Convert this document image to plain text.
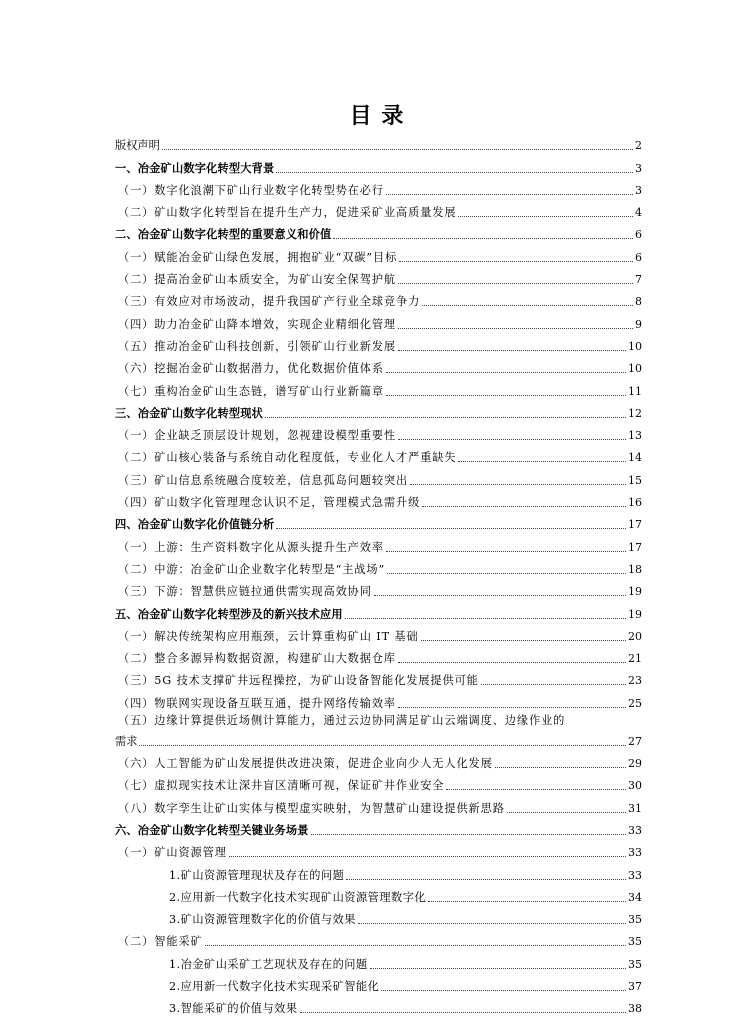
目 录
版权声明	2
一、冶金矿山数字化转型大背景	3
（一）数字化浪潮下矿山行业数字化转型势在必行	3
（二）矿山数字化转型旨在提升生产力，促进采矿业高质量发展	4
二、冶金矿山数字化转型的重要意义和价值	6
（一）赋能冶金矿山绿色发展，拥抱矿业“双碳”目标	6
（二）提高冶金矿山本质安全，为矿山安全保驾护航	7
（三）有效应对市场波动，提升我国矿产行业全球竞争力	8
（四）助力冶金矿山降本增效，实现企业精细化管理	9
（五）推动冶金矿山科技创新，引领矿山行业新发展	10
（六）挖掘冶金矿山数据潜力，优化数据价值体系	10
（七）重构冶金矿山生态链，谱写矿山行业新篇章	11
三、冶金矿山数字化转型现状	12
（一）企业缺乏顶层设计规划，忽视建设模型重要性	13
（二）矿山核心装备与系统自动化程度低，专业化人才严重缺失	14
（三）矿山信息系统融合度较差，信息孤岛问题较突出	15
（四）矿山数字化管理理念认识不足，管理模式急需升级	16
四、冶金矿山数字化价值链分析	17
（一）上游：生产资料数字化从源头提升生产效率	17
（二）中游：冶金矿山企业数字化转型是“主战场”	18
（三）下游：智慧供应链拉通供需实现高效协同	19
五、冶金矿山数字化转型涉及的新兴技术应用	19
（一）解决传统架构应用瓶颈，云计算重构矿山 IT 基础	20
（二）整合多源异构数据资源，构建矿山大数据仓库	21
（三）5G 技术支撑矿井远程操控，为矿山设备智能化发展提供可能	23
（四）物联网实现设备互联互通，提升网络传输效率	25
（五）边缘计算提供近场侧计算能力，通过云边协同满足矿山云端调度、边缘作业的
需求	27
（六）人工智能为矿山发展提供改进决策，促进企业向少人无人化发展	29
（七）虚拟现实技术让深井盲区清晰可视，保证矿井作业安全	30
（八）数字孪生让矿山实体与模型虚实映射，为智慧矿山建设提供新思路	31
六、冶金矿山数字化转型关键业务场景	33
（一）矿山资源管理	33
1.矿山资源管理现状及存在的问题	33
2.应用新一代数字化技术实现矿山资源管理数字化	34
3.矿山资源管理数字化的价值与效果	35
（二）智能采矿	35
1.冶金矿山采矿工艺现状及存在的问题	35
2.应用新一代数字化技术实现采矿智能化	37
3.智能采矿的价值与效果	38
